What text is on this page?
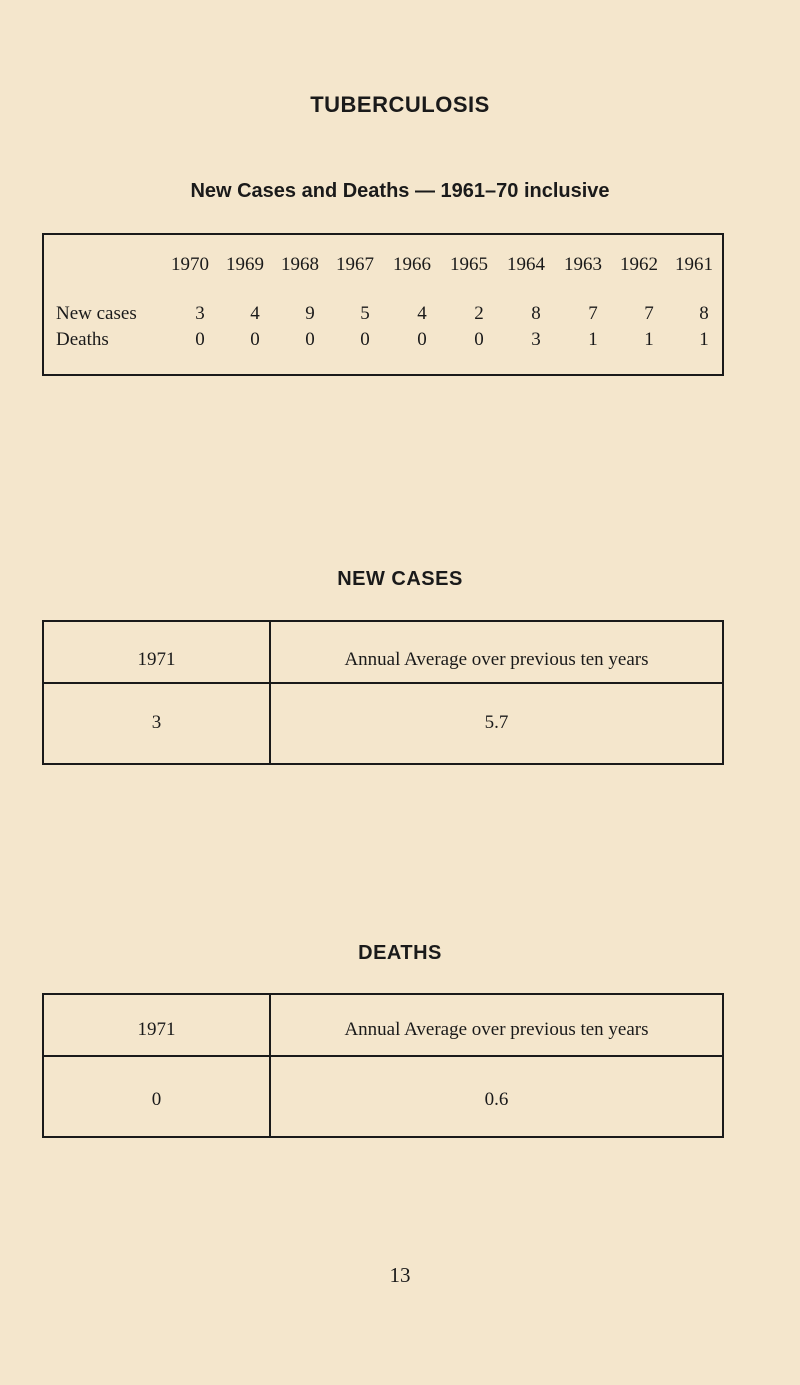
TUBERCULOSIS
New Cases and Deaths — 1961–70 inclusive
1970 1969 1968 1967	1966	1965	1964	1963 1962 1961
New cases	3	4	9	5	4	2	8	7	7	8
Deaths	0	0	0	0	0	0	3	1	1	1
NEW CASES
1971	Annual Average over previous ten years
3	5.7
DEATHS
1971	Annual Average over previous ten years
0	0.6
13
